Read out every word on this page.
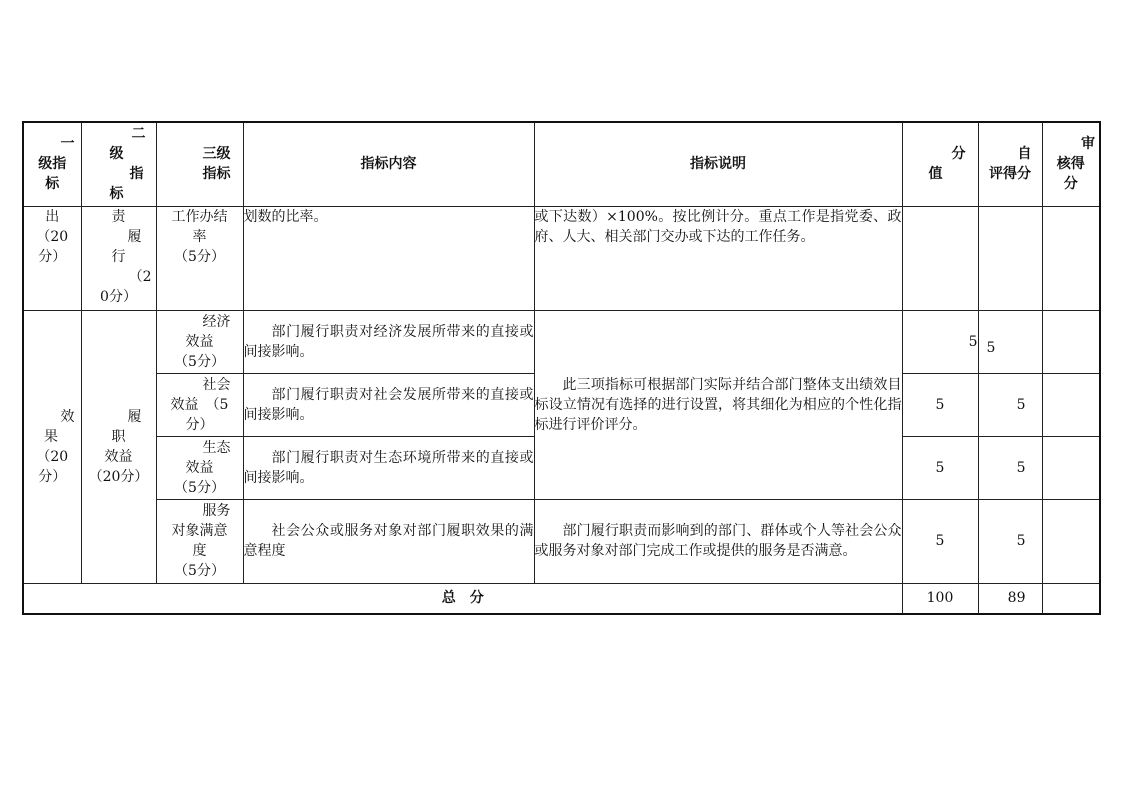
一
级指
标	二
级
指
标	三级
指标	指标内容	指标说明	分
值	自
评得分	审
核得
分

出
（20
分）	责
履
行
（2
0分）	工作办结
率
（5分）	划数的比率。	或下达数）×100%。按比例计分。重点工作是指党委、政府、人大、相关部门交办或下达的工作任务。			

效
果
（20
分）	履
职
效益
（20分）	经济
效益
（5分）	部门履行职责对经济发展所带来的直接或间接影响。	此三项指标可根据部门实际并结合部门整体支出绩效目标设立情况有选择的进行设置，将其细化为相应的个性化指标进行评价评分。	5	5	

		社会
效益　（5
分）	部门履行职责对社会发展所带来的直接或间接影响。		5	5	

		生态
效益
（5分）	部门履行职责对生态环境所带来的直接或间接影响。		5	5	

		服务
对象满意
度
（5分）	社会公众或服务对象对部门履职效果的满意程度	部门履行职责而影响到的部门、群体或个人等社会公众或服务对象对部门完成工作或提供的服务是否满意。	5	5	
总　分					100	89	
